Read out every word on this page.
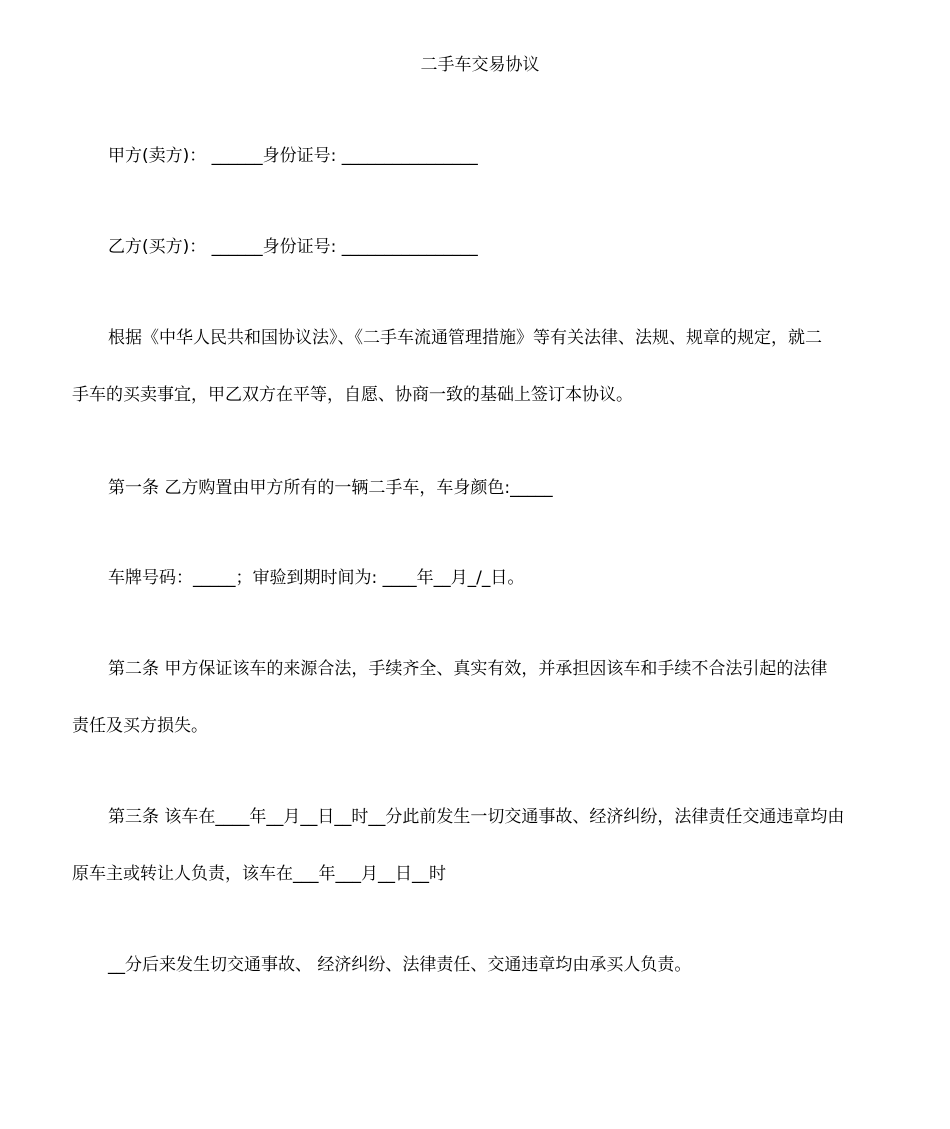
二手车交易协议
甲方(卖方)： ______身份证号: ________________
乙方(买方)： ______身份证号: ________________
根据《中华人民共和国协议法》、《二手车流通管理措施》等有关法律、法规、规章的规定，就二
手车的买卖事宜，甲乙双方在平等，自愿、协商一致的基础上签订本协议。
第一条 乙方购置由甲方所有的一辆二手车，车身颜色:_____
车牌号码：_____；审验到期时间为: ____年__月_/_日。
第二条 甲方保证该车的来源合法，手续齐全、真实有效，并承担因该车和手续不合法引起的法律
责任及买方损失。
第三条 该车在____年__月__日__时__分此前发生一切交通事故、经济纠纷，法律责任交通违章均由
原车主或转让人负责，该车在___年___月__日__时
__分后来发生切交通事故、 经济纠纷、法律责任、交通违章均由承买人负责。
